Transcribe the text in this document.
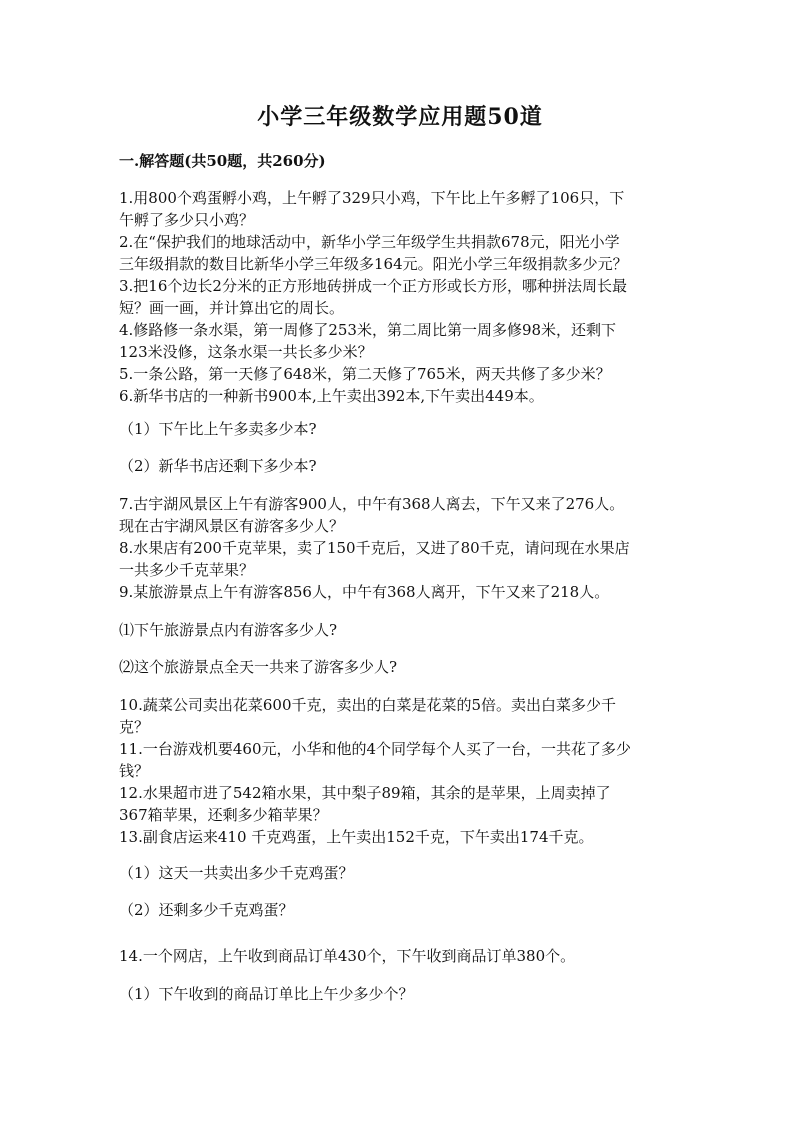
小学三年级数学应用题50道
一.解答题(共50题，共260分)
1.用800个鸡蛋孵小鸡，上午孵了329只小鸡，下午比上午多孵了106只，下
午孵了多少只小鸡？
2.在“保护我们的地球活动中，新华小学三年级学生共捐款678元，阳光小学
三年级捐款的数目比新华小学三年级多164元。阳光小学三年级捐款多少元？
3.把16个边长2分米的正方形地砖拼成一个正方形或长方形，哪种拼法周长最
短？画一画，并计算出它的周长。
4.修路修一条水渠，第一周修了253米，第二周比第一周多修98米，还剩下
123米没修，这条水渠一共长多少米？
5.一条公路，第一天修了648米，第二天修了765米，两天共修了多少米？
6.新华书店的一种新书900本,上午卖出392本,下午卖出449本。
（1）下午比上午多卖多少本?
（2）新华书店还剩下多少本?
7.古宇湖风景区上午有游客900人，中午有368人离去，下午又来了276人。
现在古宇湖风景区有游客多少人？
8.水果店有200千克苹果，卖了150千克后，又进了80千克，请问现在水果店
一共多少千克苹果？
9.某旅游景点上午有游客856人，中午有368人离开，下午又来了218人。
⑴下午旅游景点内有游客多少人?
⑵这个旅游景点全天一共来了游客多少人?
10.蔬菜公司卖出花菜600千克，卖出的白菜是花菜的5倍。卖出白菜多少千
克？
11.一台游戏机要460元，小华和他的4个同学每个人买了一台，一共花了多少
钱？
12.水果超市进了542箱水果，其中梨子89箱，其余的是苹果，上周卖掉了
367箱苹果，还剩多少箱苹果？
13.副食店运来410 千克鸡蛋，上午卖出152千克，下午卖出174千克。
（1）这天一共卖出多少千克鸡蛋？
（2）还剩多少千克鸡蛋？
14.一个网店，上午收到商品订单430个，下午收到商品订单380个。
（1）下午收到的商品订单比上午少多少个？
